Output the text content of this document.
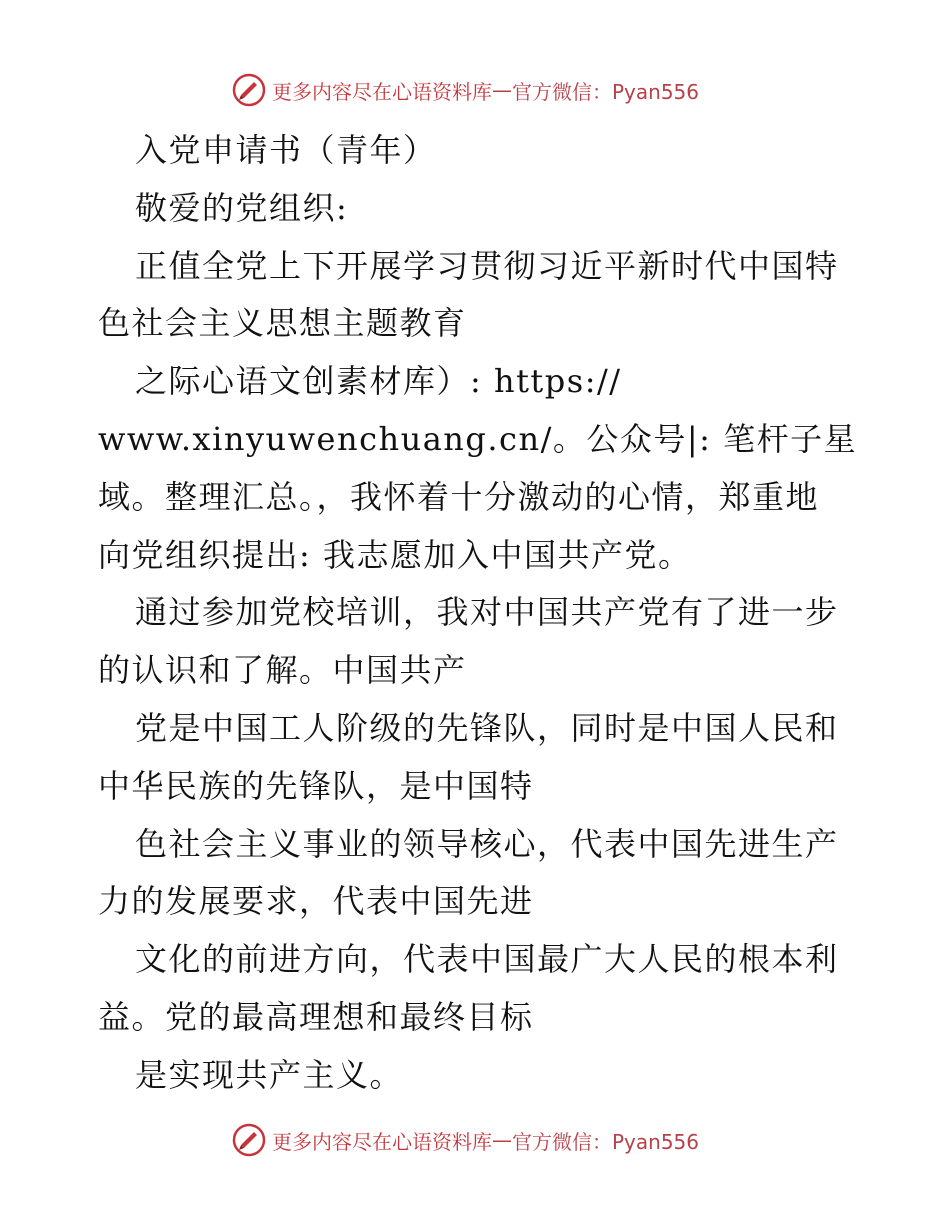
更多内容尽在心语资料库 — 官方微信：Pyan556
入党申请书（青年）
敬爱的党组织:
正值全党上下开展学习贯彻习近平新时代中国特
色社会主义思想主题教育
之际心语文创素材库）: https://
www.xinyuwenchuang.cn/。公众号|: 笔杆子星
域。整理汇总。，我怀着十分激动的心情，郑重地
向党组织提出: 我志愿加入中国共产党。
通过参加党校培训，我对中国共产党有了进一步
的认识和了解。中国共产
党是中国工人阶级的先锋队，同时是中国人民和
中华民族的先锋队，是中国特
色社会主义事业的领导核心，代表中国先进生产
力的发展要求，代表中国先进
文化的前进方向，代表中国最广大人民的根本利
益。党的最高理想和最终目标
是实现共产主义。
更多内容尽在心语资料库 — 官方微信：Pyan556
